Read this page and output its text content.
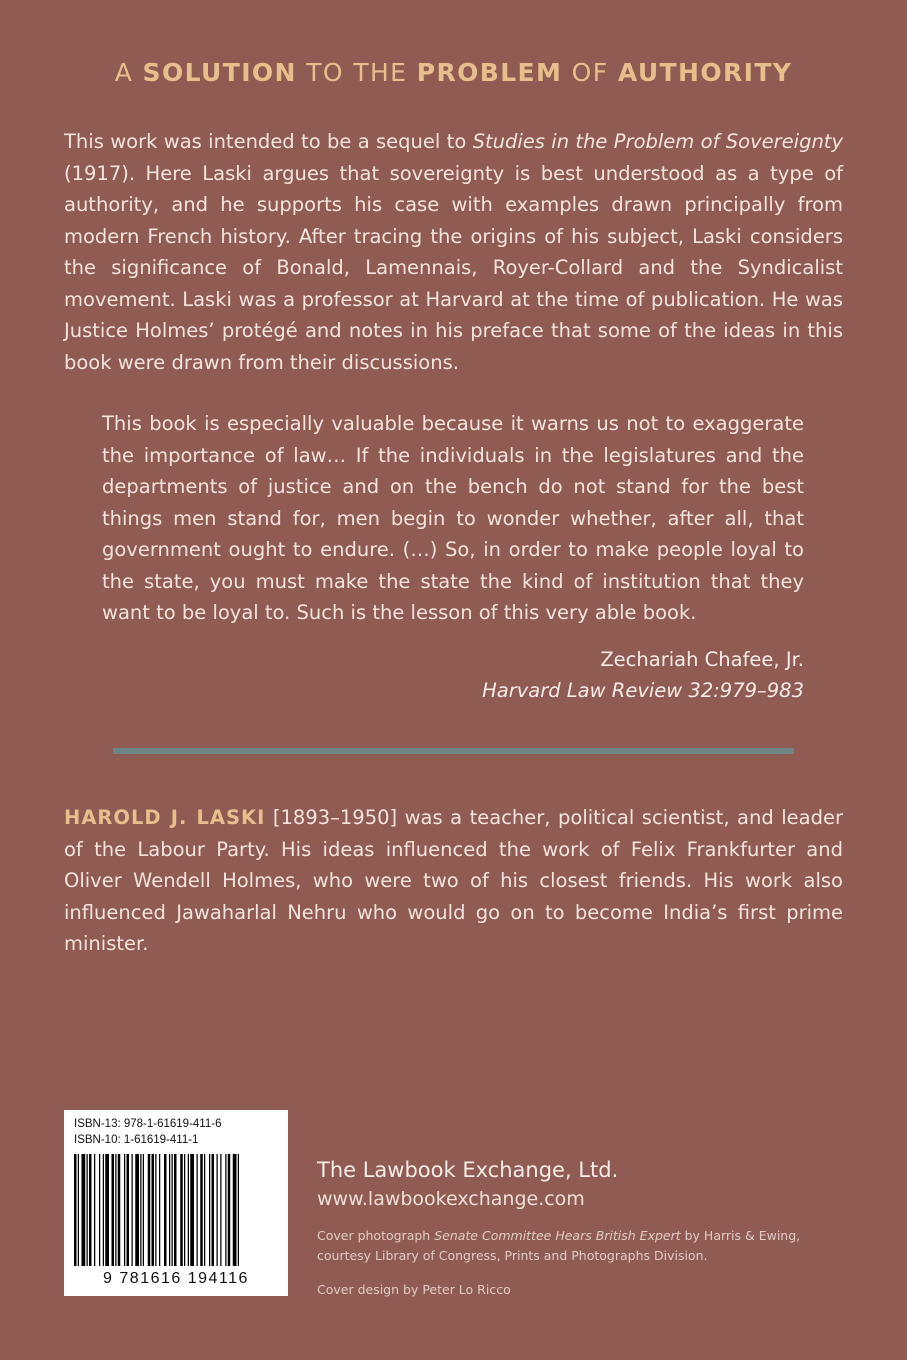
A SOLUTION TO THE PROBLEM OF AUTHORITY
This work was intended to be a sequel to Studies in the Problem of Sovereignty (1917). Here Laski argues that sovereignty is best understood as a type of authority, and he supports his case with examples drawn principally from modern French history. After tracing the origins of his subject, Laski considers the significance of Bonald, Lamennais, Royer-Collard and the Syndicalist movement. Laski was a professor at Harvard at the time of publication. He was Justice Holmes’ protégé and notes in his preface that some of the ideas in this book were drawn from their discussions.
This book is especially valuable because it warns us not to exaggerate the importance of law… If the individuals in the legislatures and the departments of justice and on the bench do not stand for the best things men stand for, men begin to wonder whether, after all, that government ought to endure. (…) So, in order to make people loyal to the state, you must make the state the kind of institution that they want to be loyal to. Such is the lesson of this very able book.
Zechariah Chafee, Jr.
Harvard Law Review 32:979–983
HAROLD J. LASKI [1893–1950] was a teacher, political scientist, and leader of the Labour Party. His ideas influenced the work of Felix Frankfurter and Oliver Wendell Holmes, who were two of his closest friends. His work also influenced Jawaharlal Nehru who would go on to become India’s first prime minister.
ISBN-13: 978-1-61619-411-6
ISBN-10: 1-61619-411-1
9 781616 194116
The Lawbook Exchange, Ltd.
www.lawbookexchange.com
Cover photograph Senate Committee Hears British Expert by Harris & Ewing, courtesy Library of Congress, Prints and Photographs Division.
Cover design by Peter Lo Ricco
